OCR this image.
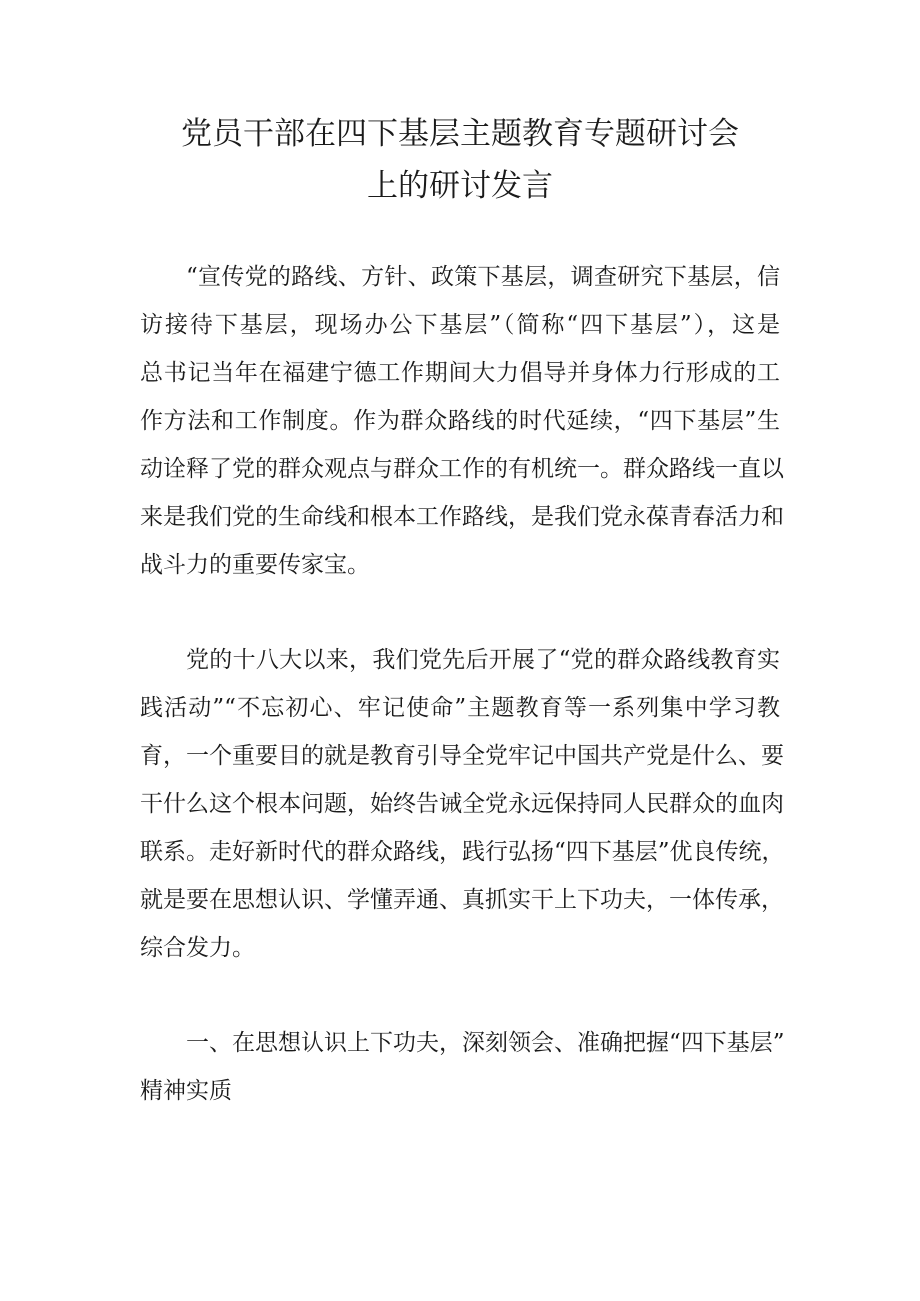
党员干部在四下基层主题教育专题研讨会
上的研讨发言
“宣传党的路线、方针、政策下基层，调查研究下基层，信
访接待下基层，现场办公下基层”（简称“四下基层”），这是
总书记当年在福建宁德工作期间大力倡导并身体力行形成的工
作方法和工作制度。作为群众路线的时代延续，“四下基层”生
动诠释了党的群众观点与群众工作的有机统一。群众路线一直以
来是我们党的生命线和根本工作路线，是我们党永葆青春活力和
战斗力的重要传家宝。
党的十八大以来，我们党先后开展了“党的群众路线教育实
践活动”“不忘初心、牢记使命”主题教育等一系列集中学习教
育，一个重要目的就是教育引导全党牢记中国共产党是什么、要
干什么这个根本问题，始终告诫全党永远保持同人民群众的血肉
联系。走好新时代的群众路线，践行弘扬“四下基层”优良传统，
就是要在思想认识、学懂弄通、真抓实干上下功夫，一体传承，
综合发力。
一、在思想认识上下功夫，深刻领会、准确把握“四下基层”
精神实质
